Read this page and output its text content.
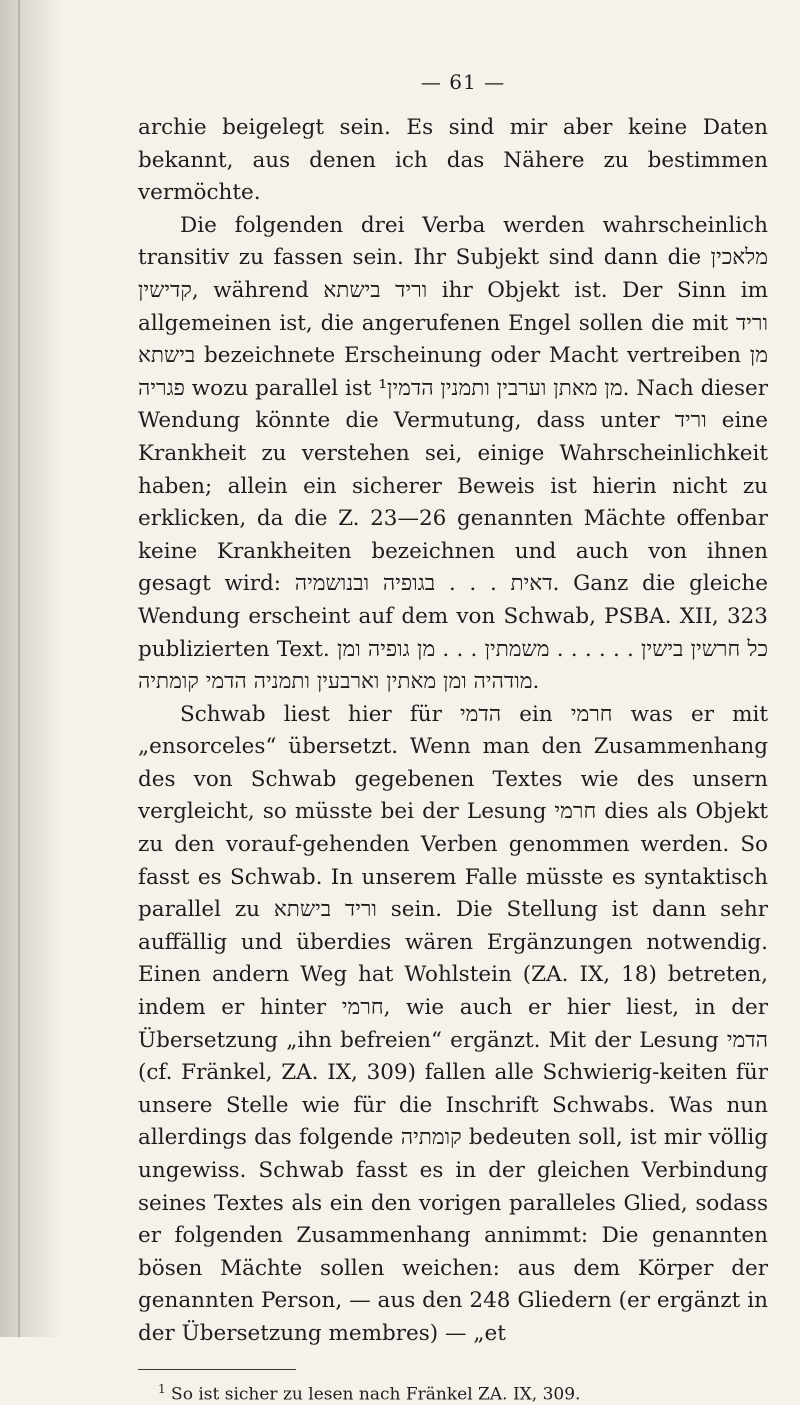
— 61 —

archie beigelegt sein. Es sind mir aber keine Daten bekannt, aus denen ich das Nähere zu bestimmen vermöchte.

Die folgenden drei Verba werden wahrscheinlich transitiv zu fassen sein. Ihr Subjekt sind dann die מלאכין קדישין, während וריד בישתא ihr Objekt ist. Der Sinn im allgemeinen ist, die angerufenen Engel sollen die mit וריד בישתא bezeichnete Erscheinung oder Macht vertreiben מן פגריה wozu parallel ist ¹מן מאתן וערבין ותמנין הדמין. Nach dieser Wendung könnte die Vermutung, dass unter וריד eine Krankheit zu verstehen sei, einige Wahrscheinlichkeit haben; allein ein sicherer Beweis ist hierin nicht zu erklicken, da die Z. 23—26 genannten Mächte offenbar keine Krankheiten bezeichnen und auch von ihnen gesagt wird: דאית . . . בגופיה ובנושמיה. Ganz die gleiche Wendung erscheint auf dem von Schwab, PSBA. XII, 323 publizierten Text. כל חרשין בישין . . . . . . משמתין . . . מן גופיה ומן מודהיה ומן מאתין וארבעין ותמניה הדמי קומתיה.

Schwab liest hier für הדמי ein חרמי was er mit „ensorceles“ übersetzt. Wenn man den Zusammenhang des von Schwab gegebenen Textes wie des unsern vergleicht, so müsste bei der Lesung חרמי dies als Objekt zu den vorauf-gehenden Verben genommen werden. So fasst es Schwab. In unserem Falle müsste es syntaktisch parallel zu וריד בישתא sein. Die Stellung ist dann sehr auffällig und überdies wären Ergänzungen notwendig. Einen andern Weg hat Wohlstein (ZA. IX, 18) betreten, indem er hinter חרמי, wie auch er hier liest, in der Übersetzung „ihn befreien“ ergänzt. Mit der Lesung הדמי (cf. Fränkel, ZA. IX, 309) fallen alle Schwierig-keiten für unsere Stelle wie für die Inschrift Schwabs. Was nun allerdings das folgende קומתיה bedeuten soll, ist mir völlig ungewiss. Schwab fasst es in der gleichen Verbindung seines Textes als ein den vorigen paralleles Glied, sodass er folgenden Zusammenhang annimmt: Die genannten bösen Mächte sollen weichen: aus dem Körper der genannten Person, — aus den 248 Gliedern (er ergänzt in der Übersetzung membres) — „et

$^1$ So ist sicher zu lesen nach Fränkel ZA. IX, 309.
